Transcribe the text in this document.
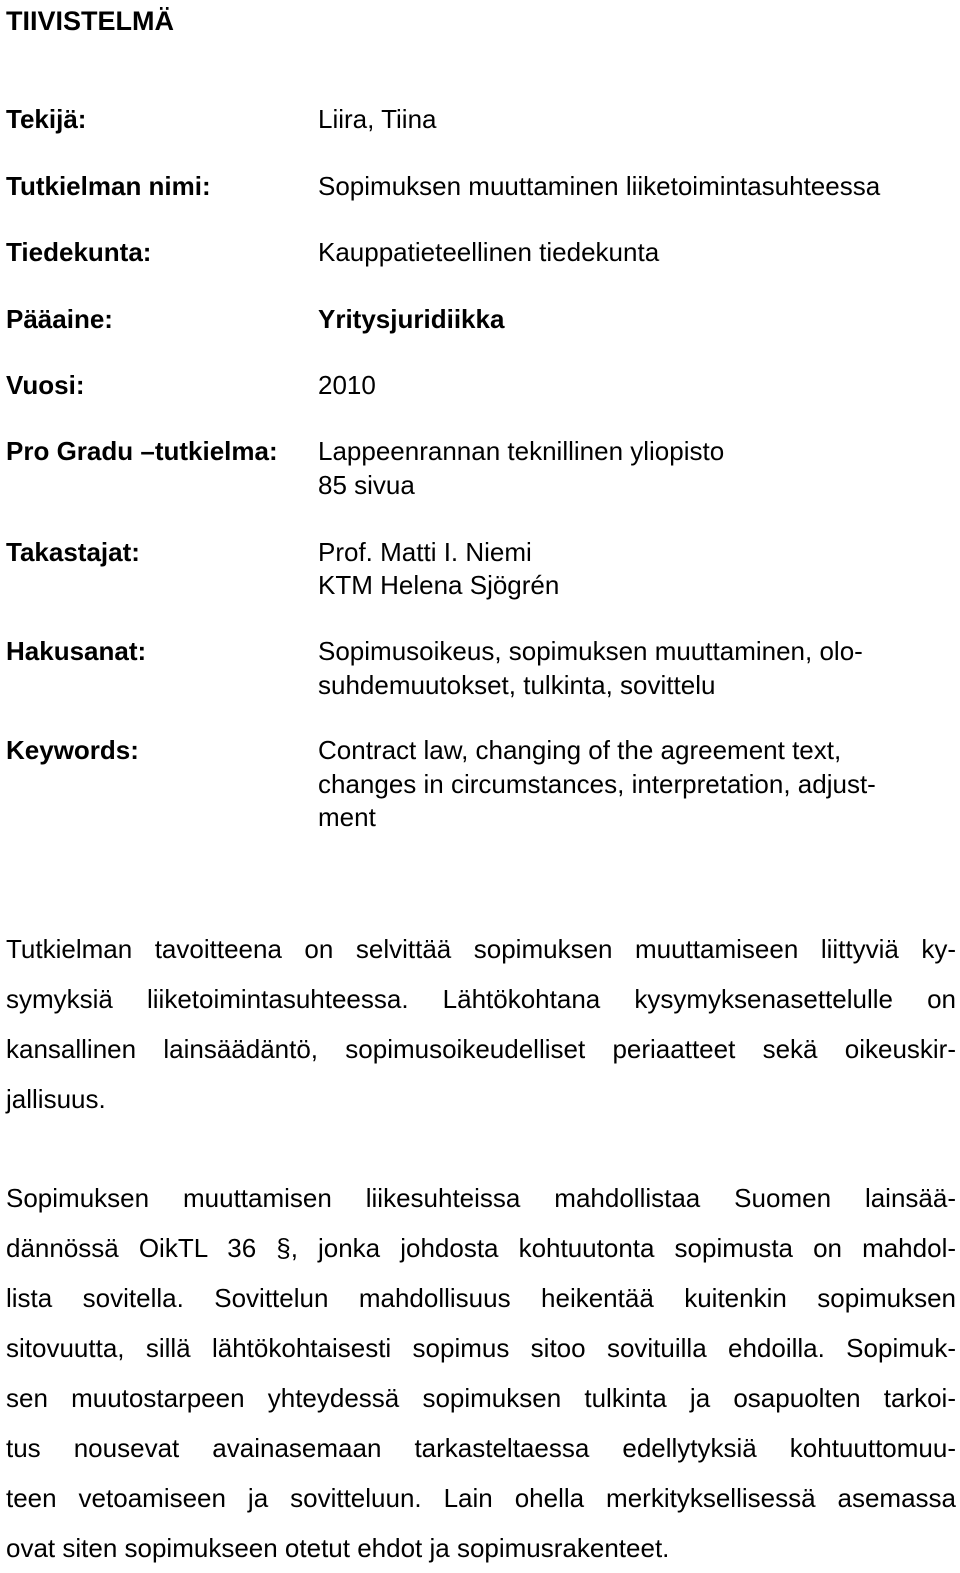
TIIVISTELMÄ
Tekijä:	Liira, Tiina
Tutkielman nimi:	Sopimuksen muuttaminen liiketoimintasuhteessa
Tiedekunta:	Kauppatieteellinen tiedekunta
Pääaine:	Yritysjuridiikka
Vuosi:	2010
Pro Gradu –tutkielma: Lappeenrannan teknillinen yliopisto
85 sivua
Takastajat:	Prof. Matti I. Niemi
KTM Helena Sjögrén
Hakusanat:	Sopimusoikeus, sopimuksen muuttaminen, olo-
suhdemuutokset, tulkinta, sovittelu
Keywords:	Contract law, changing of the agreement text,
changes in circumstances, interpretation, adjust-
ment
Tutkielman tavoitteena on selvittää sopimuksen muuttamiseen liittyviä ky-
symyksiä liiketoimintasuhteessa. Lähtökohtana kysymyksenasettelulle on
kansallinen lainsäädäntö, sopimusoikeudelliset periaatteet sekä oikeuskir-
jallisuus.
Sopimuksen muuttamisen liikesuhteissa mahdollistaa Suomen lainsää-
dännössä OikTL 36 §, jonka johdosta kohtuutonta sopimusta on mahdol-
lista sovitella. Sovittelun mahdollisuus heikentää kuitenkin sopimuksen
sitovuutta, sillä lähtökohtaisesti sopimus sitoo sovituilla ehdoilla. Sopimuk-
sen muutostarpeen yhteydessä sopimuksen tulkinta ja osapuolten tarkoi-
tus nousevat avainasemaan tarkasteltaessa edellytyksiä kohtuuttomuu-
teen vetoamiseen ja sovitteluun. Lain ohella merkityksellisessä asemassa
ovat siten sopimukseen otetut ehdot ja sopimusrakenteet.
